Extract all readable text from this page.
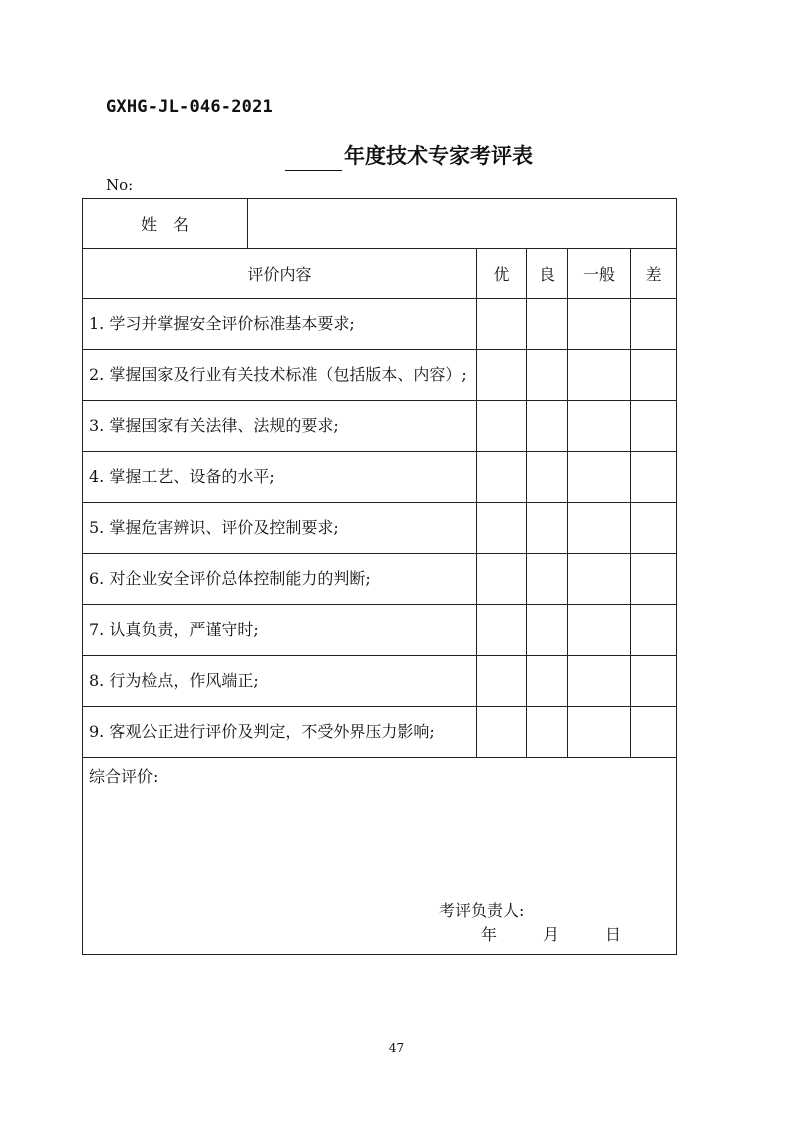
GXHG-JL-046-2021
年度技术专家考评表
No:
姓　名					
评价内容		优	良	一般	差
1. 学习并掌握安全评价标准基本要求;					
2. 掌握国家及行业有关技术标准（包括版本、内容）;					
3. 掌握国家有关法律、法规的要求;					
4. 掌握工艺、设备的水平;					
5. 掌握危害辨识、评价及控制要求;					
6. 对企业安全评价总体控制能力的判断;					
7. 认真负责，严谨守时;					
8. 行为检点，作风端正;					
9. 客观公正进行评价及判定，不受外界压力影响;					

综合评价:
考评负责人:
年 月 日					
47
